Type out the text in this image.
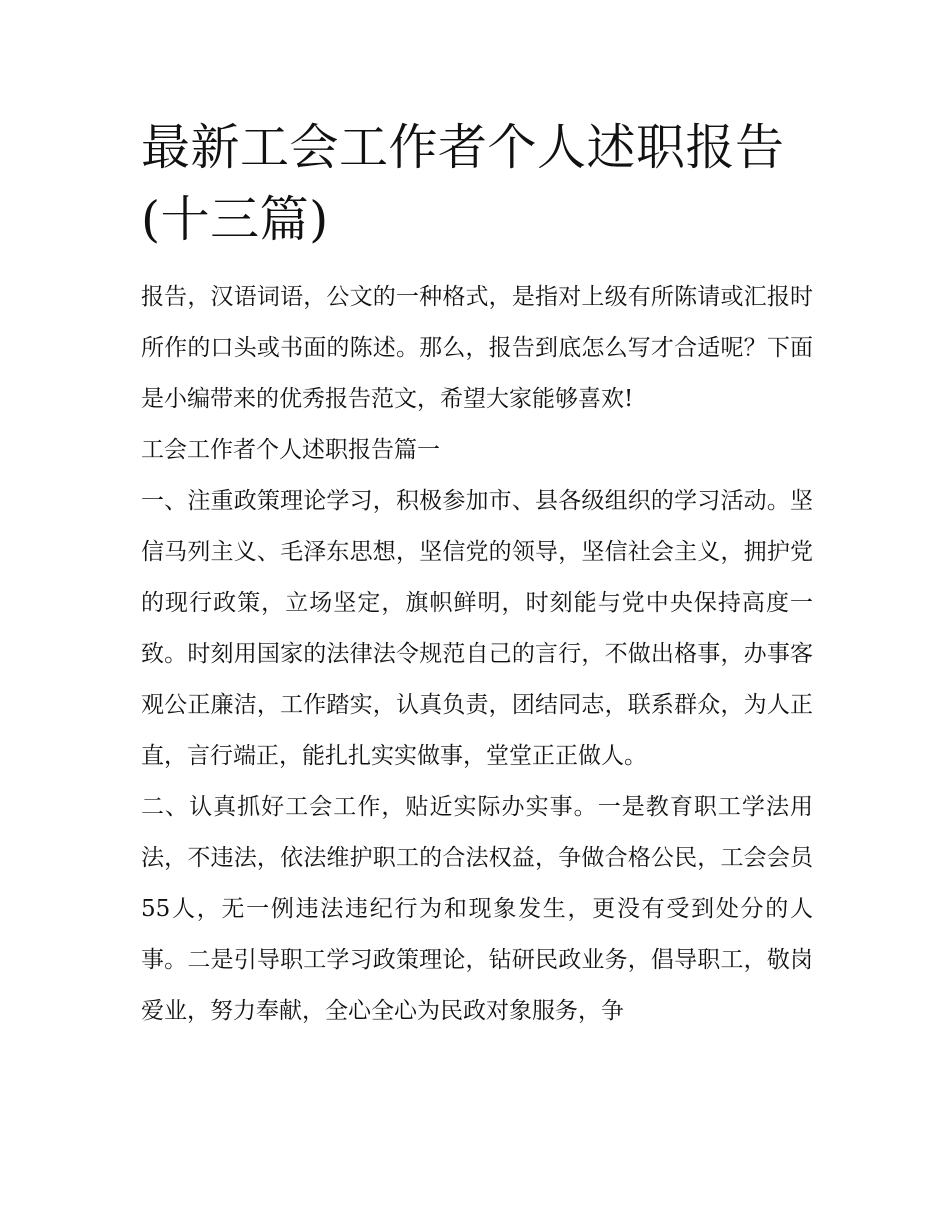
最新工会工作者个人述职报告(十三篇)

报告，汉语词语，公文的一种格式，是指对上级有所陈请或汇报时所作的口头或书面的陈述。那么，报告到底怎么写才合适呢？下面是小编带来的优秀报告范文，希望大家能够喜欢!

工会工作者个人述职报告篇一

一、注重政策理论学习，积极参加市、县各级组织的学习活动。坚信马列主义、毛泽东思想，坚信党的领导，坚信社会主义，拥护党的现行政策，立场坚定，旗帜鲜明，时刻能与党中央保持高度一致。时刻用国家的法律法令规范自己的言行，不做出格事，办事客观公正廉洁，工作踏实，认真负责，团结同志，联系群众，为人正直，言行端正，能扎扎实实做事，堂堂正正做人。

二、认真抓好工会工作，贴近实际办实事。一是教育职工学法用法，不违法，依法维护职工的合法权益，争做合格公民，工会会员55人，无一例违法违纪行为和现象发生，更没有受到处分的人事。二是引导职工学习政策理论，钻研民政业务，倡导职工，敬岗爱业，努力奉献，全心全心为民政对象服务，争
